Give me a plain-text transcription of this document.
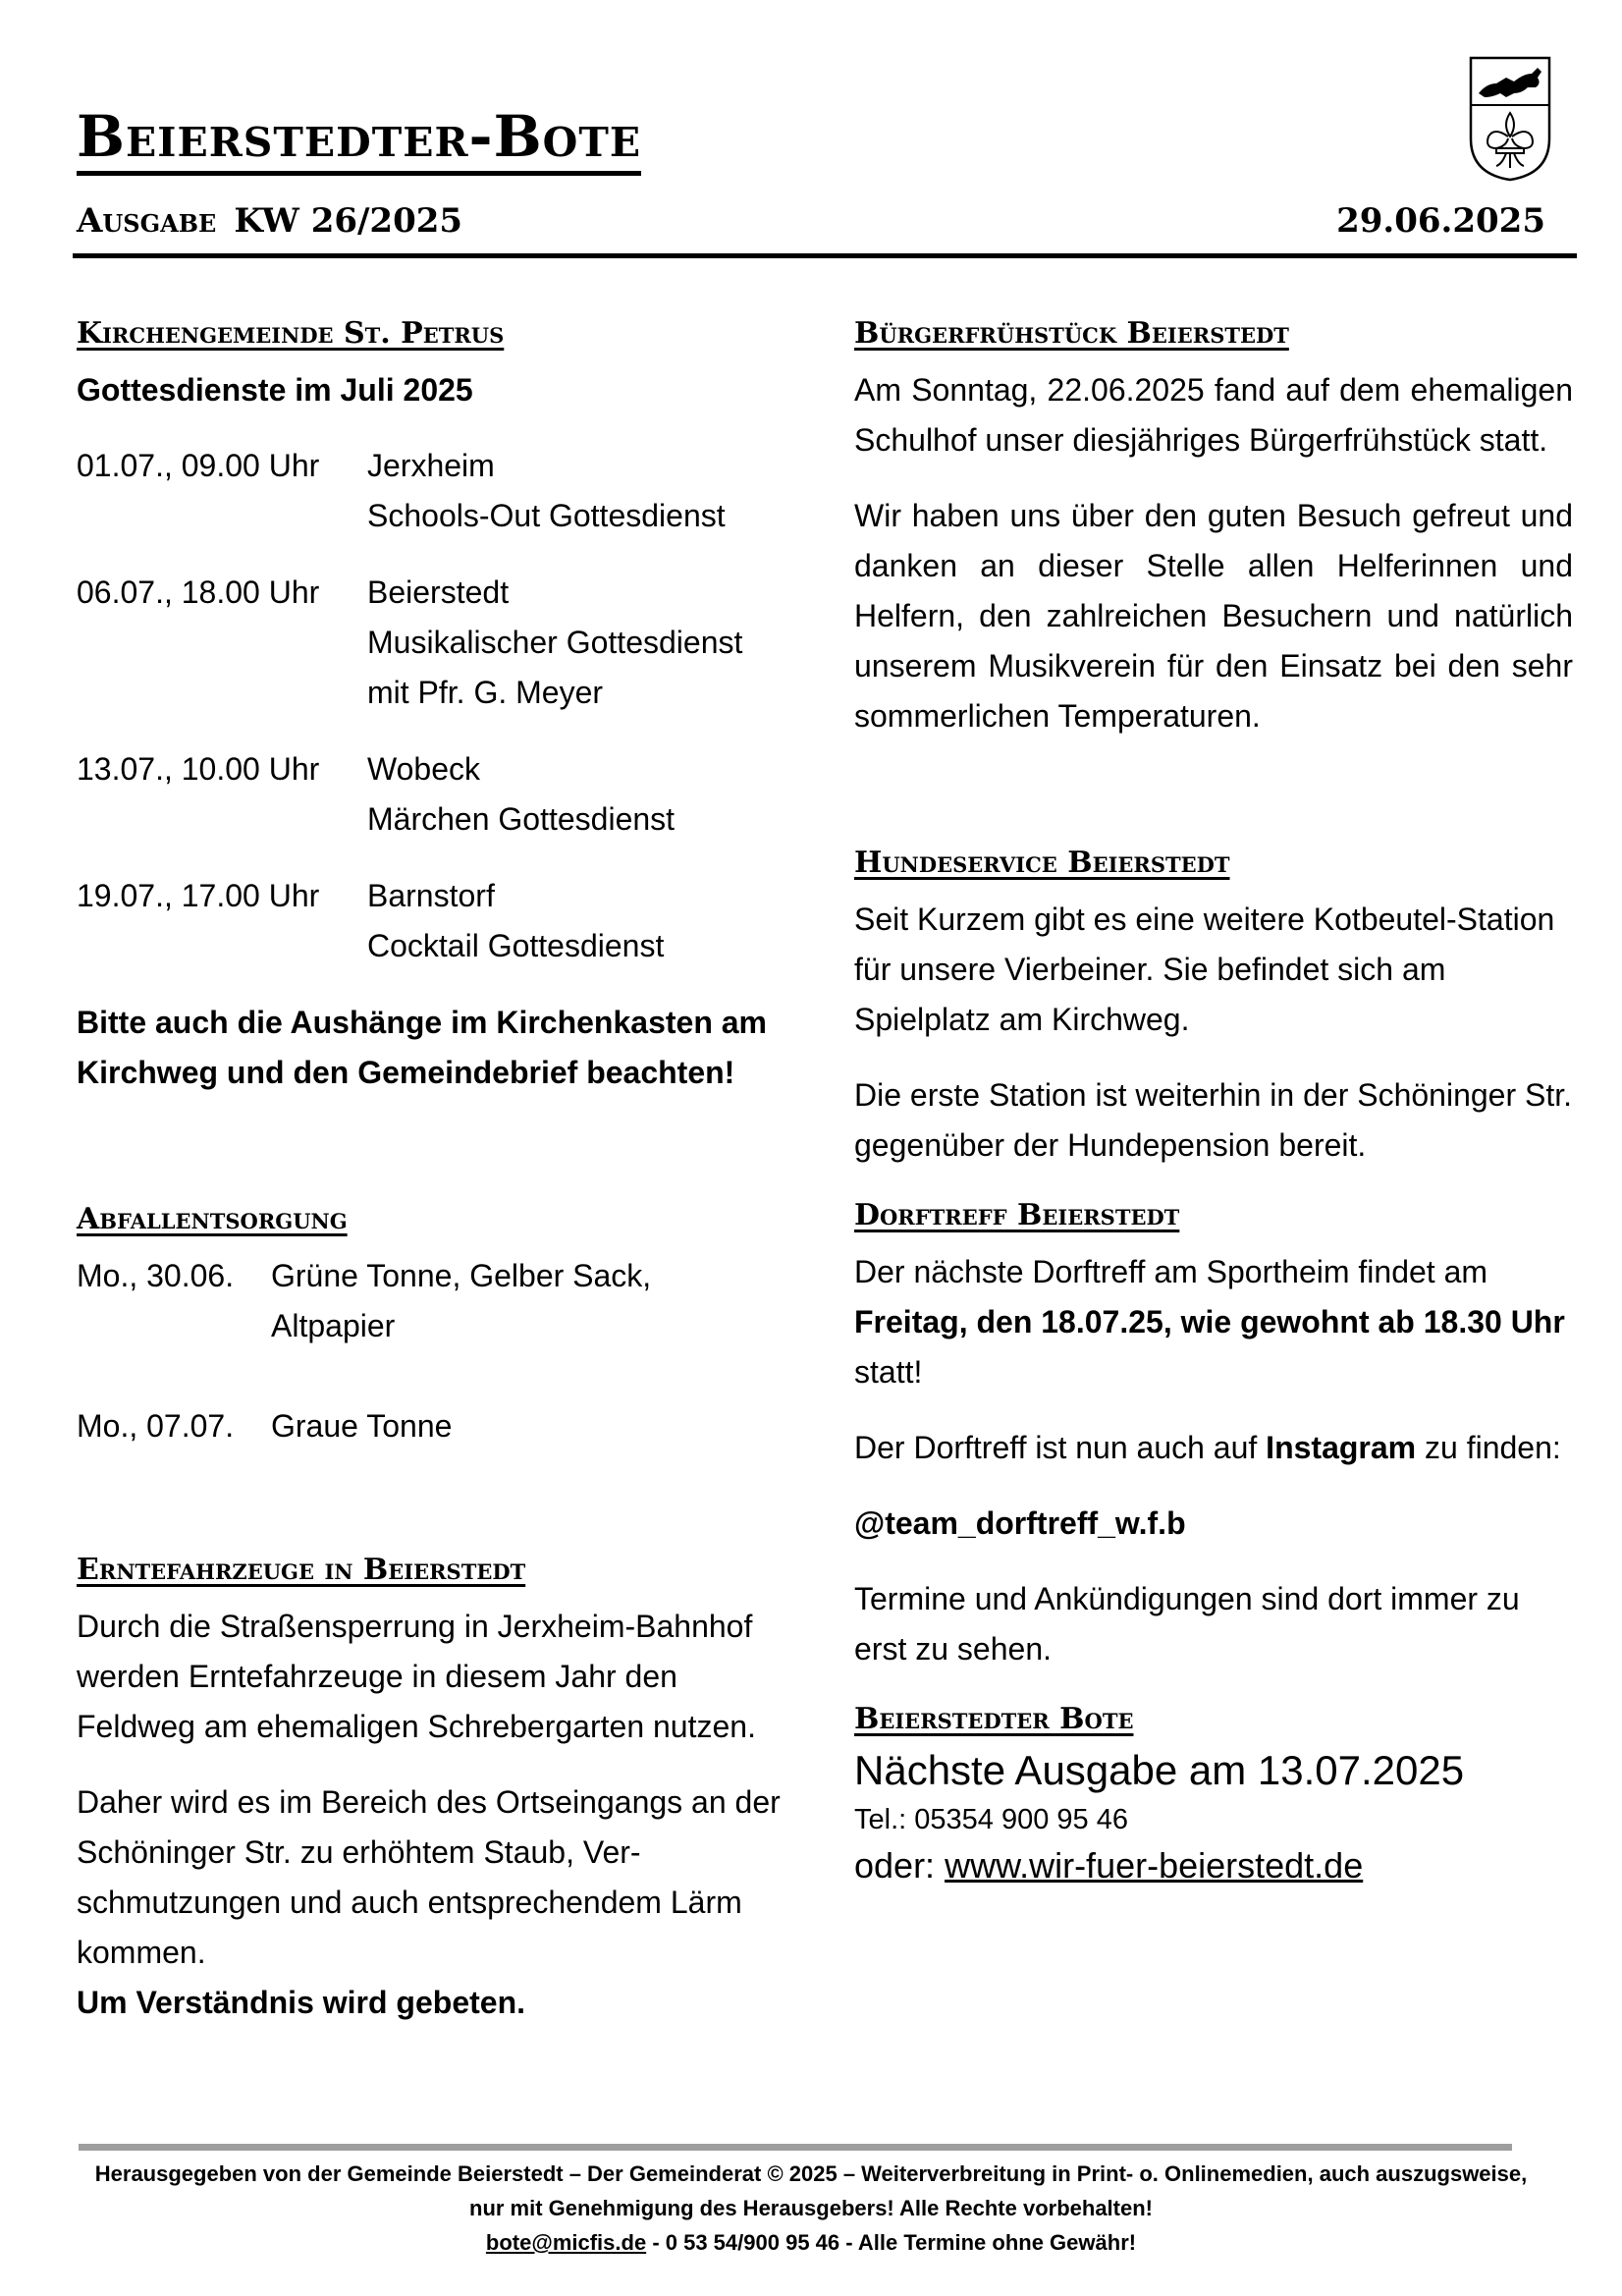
Beierstedter-Bote
Ausgabe KW 26/2025	29.06.2025
Kirchengemeinde St. Petrus

Gottesdienste im Juli 2025

01.07., 09.00 Uhr	Jerxheim
Schools-Out Gottesdienst
06.07., 18.00 Uhr	Beierstedt
Musikalischer Gottesdienst
mit Pfr. G. Meyer
13.07., 10.00 Uhr	Wobeck
Märchen Gottesdienst
19.07., 17.00 Uhr	Barnstorf
Cocktail Gottesdienst

Bitte auch die Aushänge im Kirchenkasten am Kirchweg und den Gemeindebrief beachten!

Abfallentsorgung
Mo., 30.06.	Grüne Tonne, Gelber Sack,
Altpapier
Mo., 07.07.	Graue Tonne
Erntefahrzeuge in Beierstedt

Durch die Straßensperrung in Jerxheim-Bahnhof werden Erntefahrzeuge in diesem Jahr den Feldweg am ehemaligen Schrebergarten nutzen.

Daher wird es im Bereich des Ortseingangs an der Schöninger Str. zu erhöhtem Staub, Ver-schmutzungen und auch entsprechendem Lärm kommen.

Um Verständnis wird gebeten.

Bürgerfrühstück Beierstedt

Am Sonntag, 22.06.2025 fand auf dem ehemaligen Schulhof unser diesjähriges Bürgerfrühstück statt.

Wir haben uns über den guten Besuch gefreut und danken an dieser Stelle allen Helferinnen und Helfern, den zahlreichen Besuchern und natürlich unserem Musikverein für den Einsatz bei den sehr sommerlichen Temperaturen.

Hundeservice Beierstedt

Seit Kurzem gibt es eine weitere Kotbeutel-Station für unsere Vierbeiner. Sie befindet sich am Spielplatz am Kirchweg.

Die erste Station ist weiterhin in der Schöninger Str. gegenüber der Hundepension bereit.

Dorftreff Beierstedt

Der nächste Dorftreff am Sportheim findet am Freitag, den 18.07.25, wie gewohnt ab 18.30 Uhr statt!

Der Dorftreff ist nun auch auf Instagram zu finden:

@team_dorftreff_w.f.b

Termine und Ankündigungen sind dort immer zu erst zu sehen.

Beierstedter Bote
Nächste Ausgabe am 13.07.2025
Tel.: 05354 900 95 46
oder: www.wir-fuer-beierstedt.de
Herausgegeben von der Gemeinde Beierstedt – Der Gemeinderat © 2025 – Weiterverbreitung in Print- o. Onlinemedien, auch auszugsweise, nur mit Genehmigung des Herausgebers! Alle Rechte vorbehalten!
bote@micfis.de - 0 53 54/900 95 46 - Alle Termine ohne Gewähr!
